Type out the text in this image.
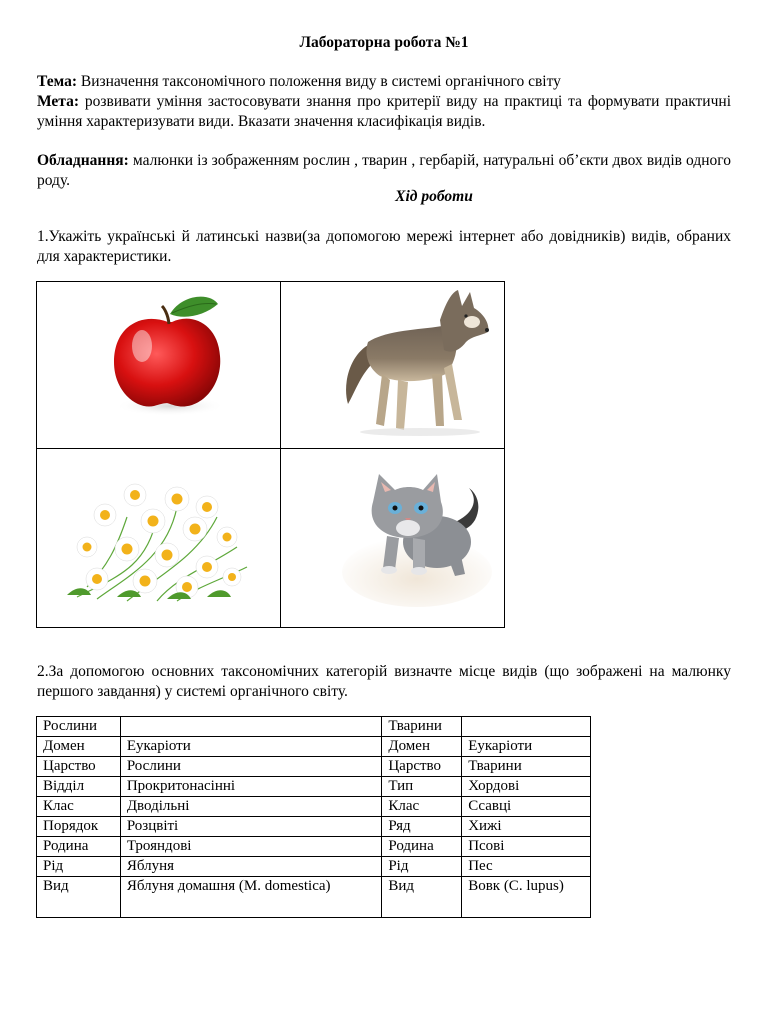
Лабораторна робота №1
Тема: Визначення таксономічного положення виду в системі органічного світу
Мета: розвивати уміння застосовувати знання про критерії виду на практиці та формувати практичні уміння характеризувати види. Вказати значення класифікація видів.
Обладнання: малюнки із зображенням рослин , тварин , гербарій, натуральні об’єкти двох видів одного роду.
Хід роботи
1.Укажіть українські й латинські назви(за допомогою мережі інтернет або довідників) видів, обраних для характеристики.
2.За допомогою основних таксономічних категорій визначте місце видів (що зображені на малюнку першого завдання) у системі органічного світу.
Рослини		Тварини	
Домен	Еукаріоти	Домен	Еукаріоти
Царство	Рослини	Царство	Тварини
Відділ	Прокритонасінні	Тип	Хордові
Клас	Дводільні	Клас	Ссавці
Порядок	Розцвіті	Ряд	Хижі
Родина	Трояндові	Родина	Псові
Рід	Яблуня	Рід	Пес
Вид	Яблуня домашня (M. domestica)	Вид	Вовк (C. lupus)
